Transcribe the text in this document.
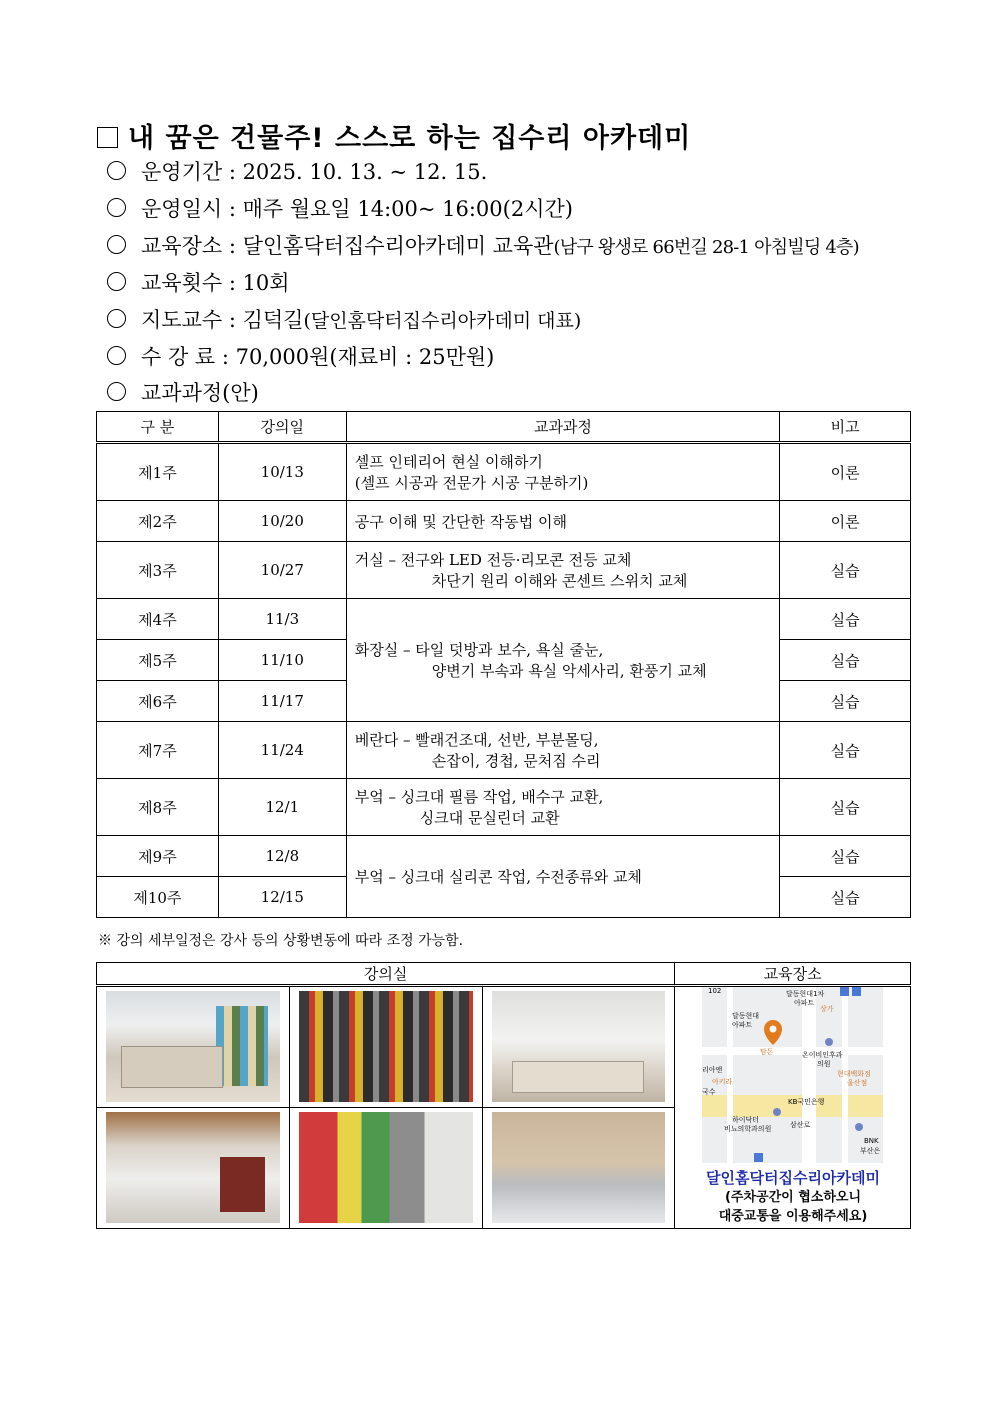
내 꿈은 건물주! 스스로 하는 집수리 아카데미
운영기간 : 2025. 10. 13. ~ 12. 15.
운영일시 : 매주 월요일 14:00~ 16:00(2시간)
교육장소 : 달인홈닥터집수리아카데미 교육관(남구 왕생로 66번길 28-1 아침빌딩 4층)
교육횟수 : 10회
지도교수 : 김덕길(달인홈닥터집수리아카데미 대표)
수 강 료 : 70,000원(재료비 : 25만원)
교과과정(안)
구 분	강의일	교과과정	비고
제1주	10/13	셀프 인테리어 현실 이해하기
(셀프 시공과 전문가 시공 구분하기)	이론
제2주	10/20	공구 이해 및 간단한 작동법 이해	이론
제3주	10/27	거실 – 전구와 LED 전등·리모콘 전등 교체
차단기 원리 이해와 콘센트 스위치 교체	실습
제4주	11/3	화장실 – 타일 덧방과 보수, 욕실 줄눈,
양변기 부속과 욕실 악세사리, 환풍기 교체	실습
제5주	11/10		실습
제6주	11/17		실습
제7주	11/24	베란다 – 빨래건조대, 선반, 부분몰딩,
손잡이, 경첩, 문처짐 수리	실습
제8주	12/1	부엌 – 싱크대 필름 작업, 배수구 교환,
싱크대 문실린더 교환	실습
제9주	12/8	부엌 – 싱크대 실리콘 작업, 수전종류와 교체	실습
제10주	12/15		실습
※ 강의 세부일정은 강사 등의 상황변동에 따라 조정 가능함.
강의실			교육장소

102	달동현대1차
아파트
달동현대
아파트
상가
탐돈	온이비인후과
의원
현대백화점
울산점
KB국민은행
하이닥터
비뇨의학과의원	삼산로
BNK
부산은
아키라
리아앤
국수
달인홈닥터집수리아카데미
(주차공간이 협소하오니
대중교통을 이용해주세요)
